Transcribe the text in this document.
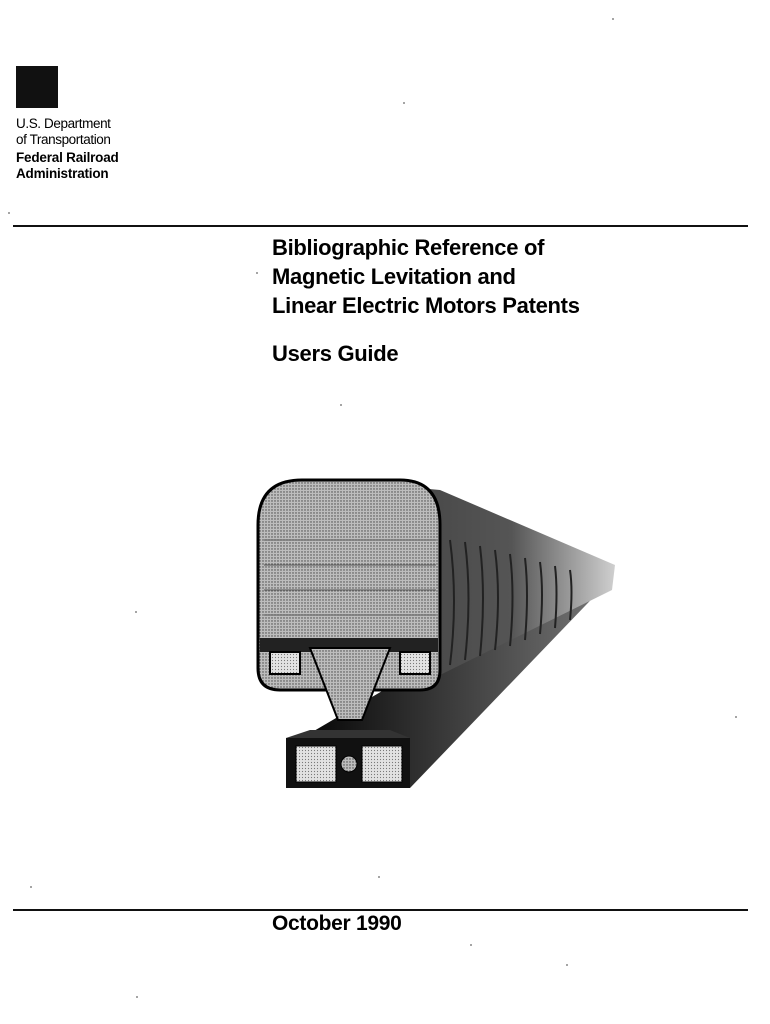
U.S. Department
of Transportation
Federal Railroad
Administration
Bibliographic Reference of
Magnetic Levitation and
Linear Electric Motors Patents
Users Guide
October 1990
